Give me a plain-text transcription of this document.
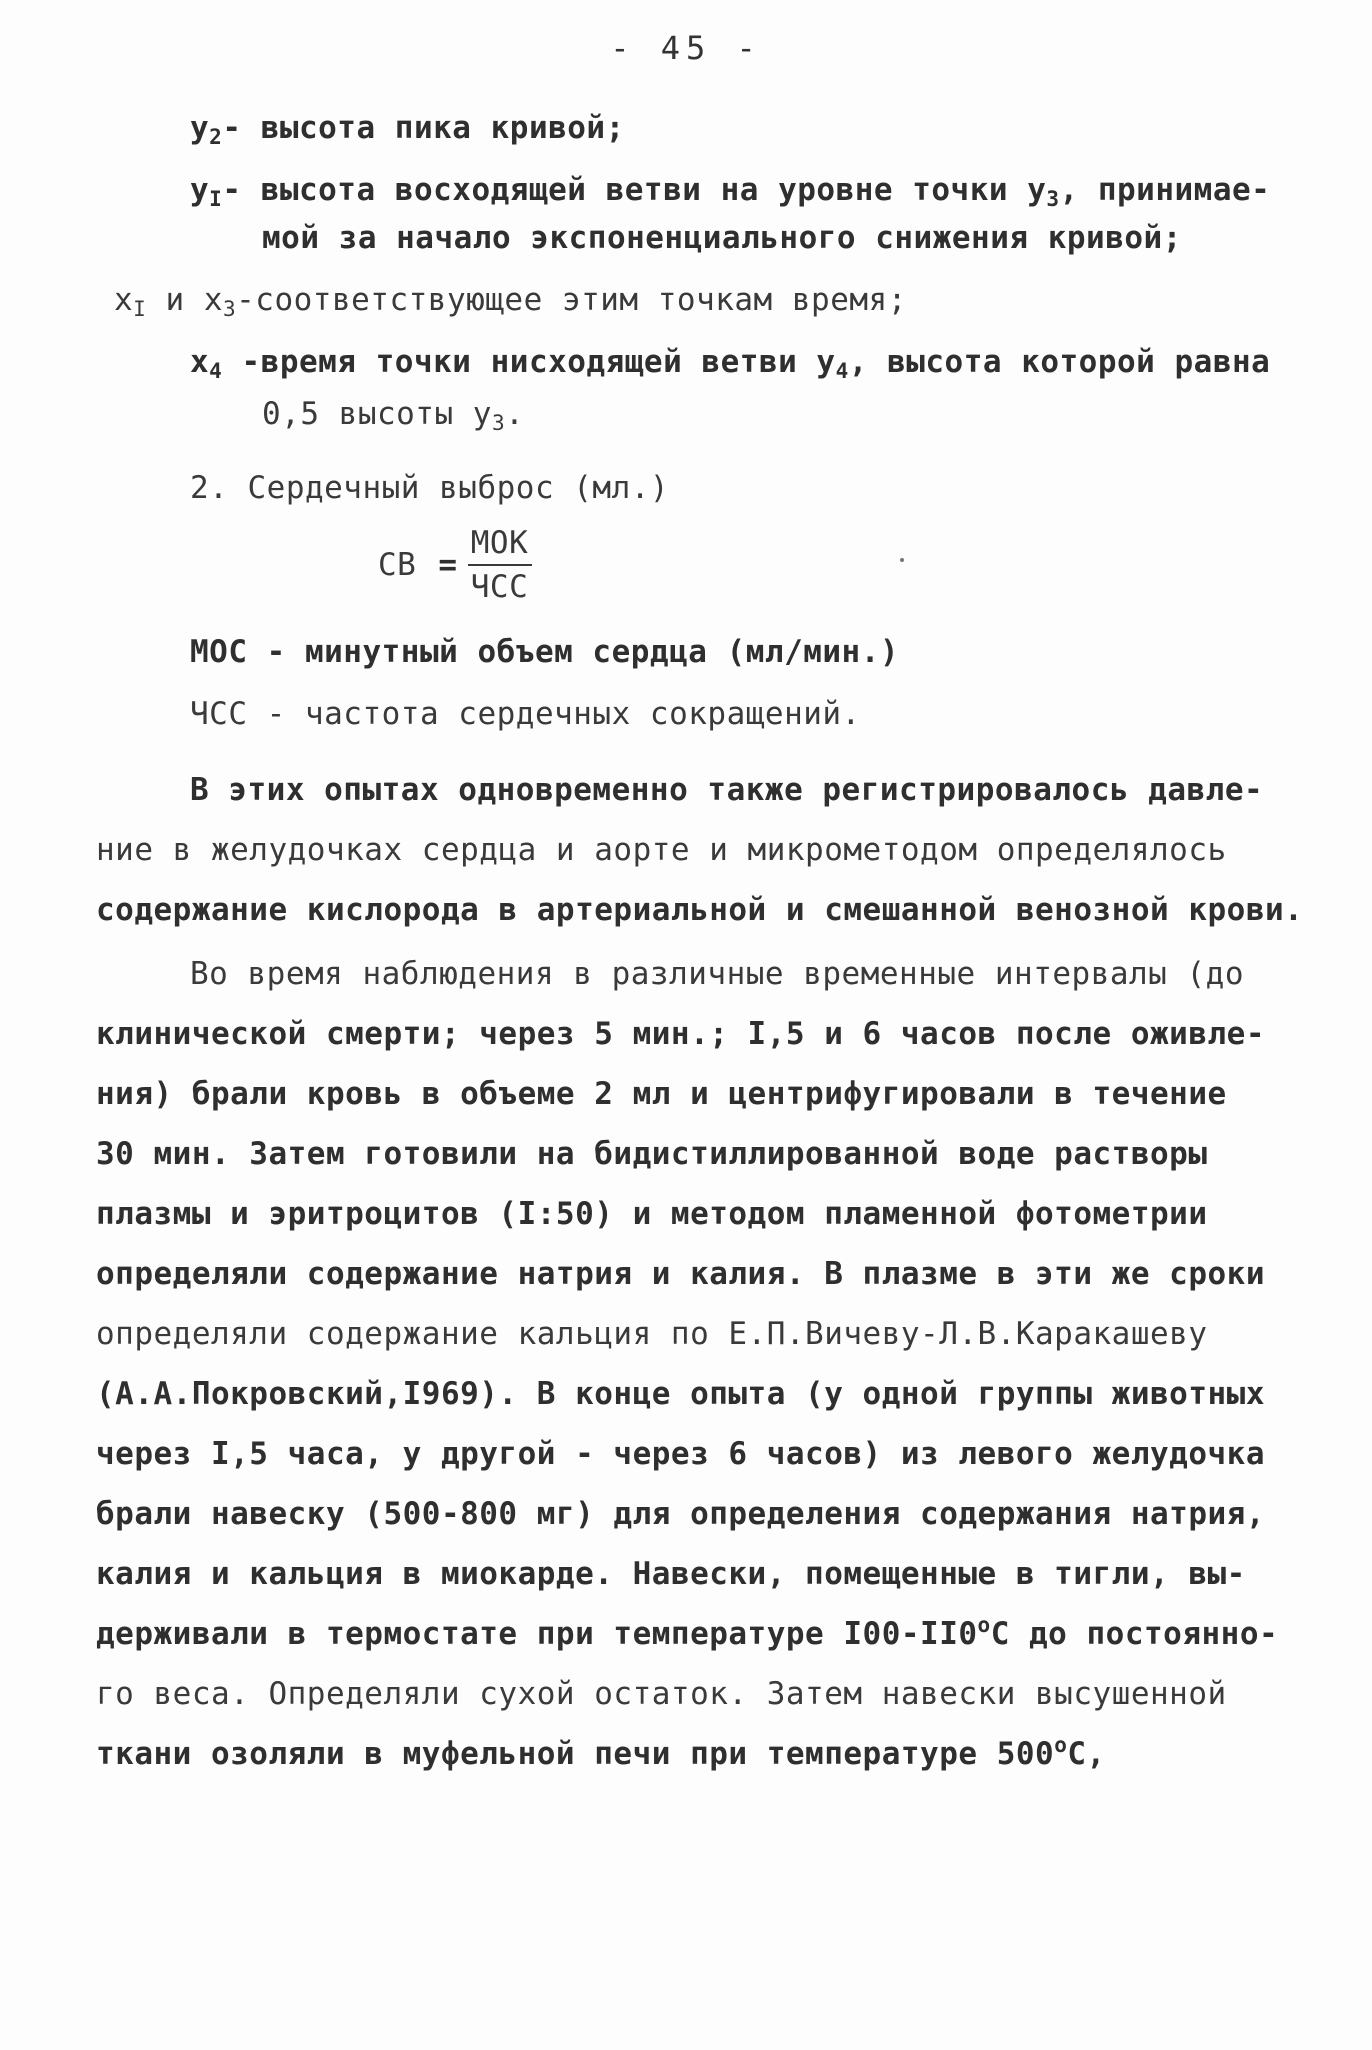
- 45 -
$y_2-$ высота пика кривой;
$y_I-$ высота восходящей ветви на уровне точки $y_3$, принимае-
мой за начало экспоненциального снижения кривой;
$x_I$ и $x_3$-соответствующее этим точкам время;
$x_4$ -время точки нисходящей ветви $y_4$, высота которой равна
0,5 высоты $y_3$.
2. Сердечный выброс (мл.)
СВ = $\frac{\text{МОК}}{\text{ЧСС}}$
МОС - минутный объем сердца (мл/мин.)
ЧСС - частота сердечных сокращений.
В этих опытах одновременно также регистрировалось давле-
ние в желудочках сердца и аорте и микрометодом определялось
содержание кислорода в артериальной и смешанной венозной крови.
Во время наблюдения в различные временные интервалы (до
клинической смерти; через 5 мин.; I,5 и 6 часов после оживле-
ния) брали кровь в объеме 2 мл и центрифугировали в течение
30 мин. Затем готовили на бидистиллированной воде растворы
плазмы и эритроцитов (I:50) и методом пламенной фотометрии
определяли содержание натрия и калия. В плазме в эти же сроки
определяли содержание кальция по Е.П.Вичеву-Л.В.Каракашеву
(А.А.Покровский,I969). В конце опыта (у одной группы животных
через I,5 часа, у другой - через 6 часов) из левого желудочка
брали навеску (500-800 мг) для определения содержания натрия,
калия и кальция в миокарде. Навески, помещенные в тигли, вы-
держивали в термостате при температуре I00-II0$^o$C до постоянно-
го веса. Определяли сухой остаток. Затем навески высушенной
ткани озоляли в муфельной печи при температуре 500$^o$C,
